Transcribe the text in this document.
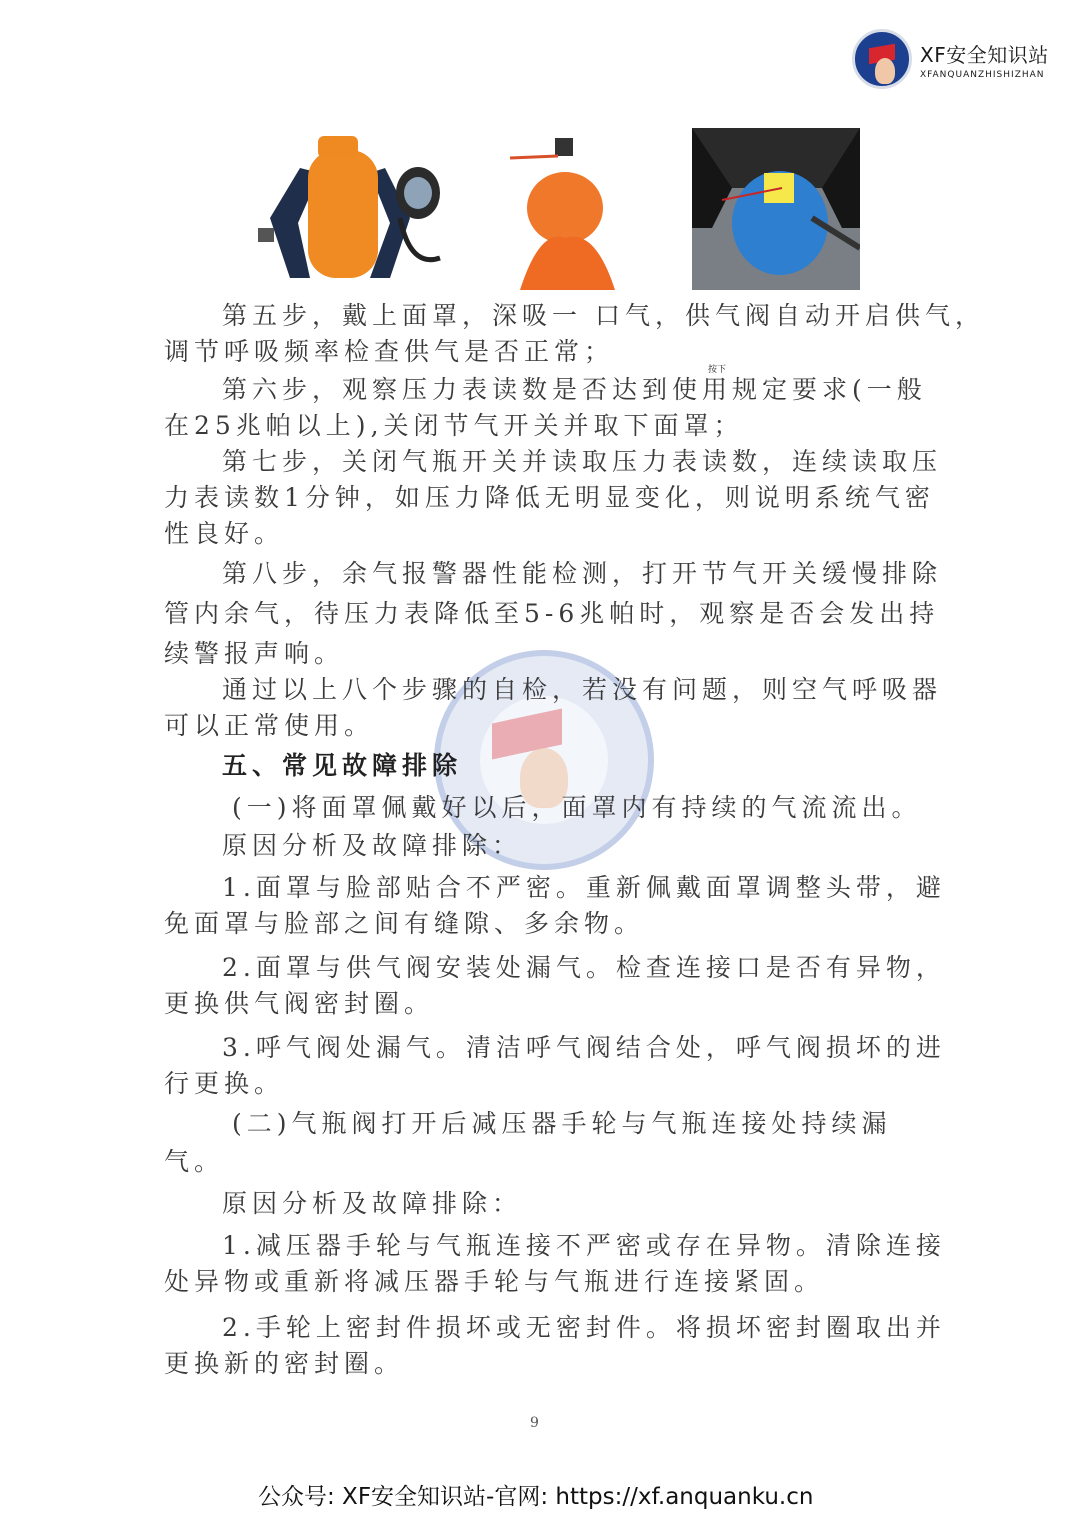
XF安全知识站
XFANQUANZHISHIZHAN
按下
第五步，戴上面罩，深吸一 口气，供气阀自动开启供气，
调节呼吸频率检查供气是否正常；
第六步，观察压力表读数是否达到使用规定要求(一般
在25兆帕以上),关闭节气开关并取下面罩；
第七步，关闭气瓶开关并读取压力表读数，连续读取压
力表读数1分钟，如压力降低无明显变化，则说明系统气密
性良好。
第八步，余气报警器性能检测，打开节气开关缓慢排除
管内余气，待压力表降低至5-6兆帕时，观察是否会发出持
续警报声响。
通过以上八个步骤的自检，若没有问题，则空气呼吸器
可以正常使用。
五、常见故障排除
(一)将面罩佩戴好以后，面罩内有持续的气流流出。
原因分析及故障排除：
1.面罩与脸部贴合不严密。重新佩戴面罩调整头带，避
免面罩与脸部之间有缝隙、多余物。
2.面罩与供气阀安装处漏气。检查连接口是否有异物，
更换供气阀密封圈。
3.呼气阀处漏气。清洁呼气阀结合处，呼气阀损坏的进
行更换。
(二)气瓶阀打开后减压器手轮与气瓶连接处持续漏
气。
原因分析及故障排除：
1.减压器手轮与气瓶连接不严密或存在异物。清除连接
处异物或重新将减压器手轮与气瓶进行连接紧固。
2.手轮上密封件损坏或无密封件。将损坏密封圈取出并
更换新的密封圈。
9
公众号: XF安全知识站-官网: https://xf.anquanku.cn
